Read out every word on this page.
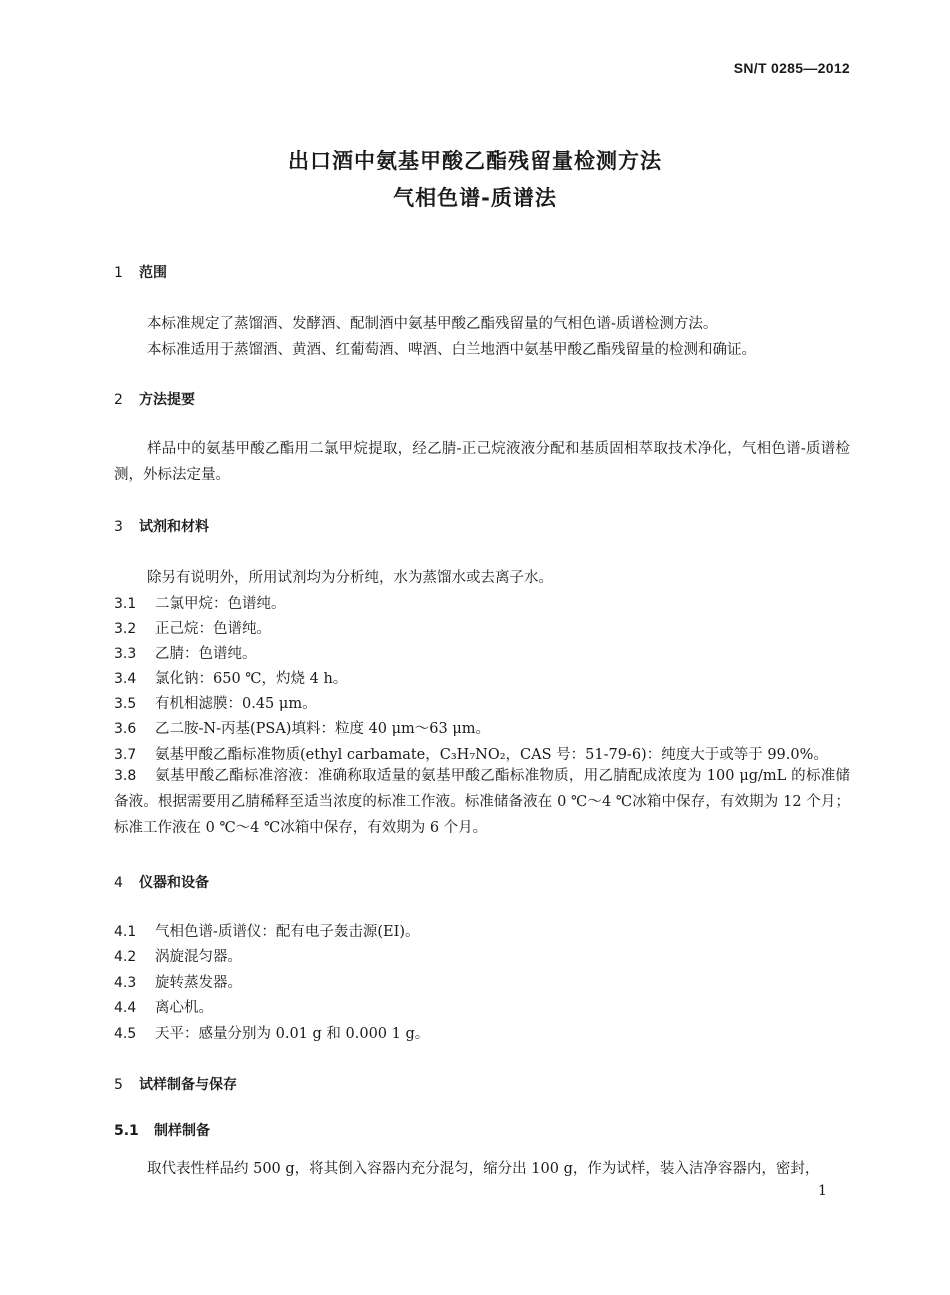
SN/T 0285—2012
出口酒中氨基甲酸乙酯残留量检测方法
气相色谱-质谱法
1 范围
本标准规定了蒸馏酒、发酵酒、配制酒中氨基甲酸乙酯残留量的气相色谱-质谱检测方法。
本标准适用于蒸馏酒、黄酒、红葡萄酒、啤酒、白兰地酒中氨基甲酸乙酯残留量的检测和确证。
2 方法提要
样品中的氨基甲酸乙酯用二氯甲烷提取，经乙腈-正己烷液液分配和基质固相萃取技术净化，气相色谱-质谱检测，外标法定量。
3 试剂和材料
除另有说明外，所用试剂均为分析纯，水为蒸馏水或去离子水。
3.1 二氯甲烷：色谱纯。
3.2 正己烷：色谱纯。
3.3 乙腈：色谱纯。
3.4 氯化钠：650 ℃，灼烧 4 h。
3.5 有机相滤膜：0.45 μm。
3.6 乙二胺-N-丙基(PSA)填料：粒度 40 μm～63 μm。
3.7 氨基甲酸乙酯标准物质(ethyl carbamate，C₃H₇NO₂，CAS 号：51-79-6)：纯度大于或等于 99.0%。
3.8 氨基甲酸乙酯标准溶液：准确称取适量的氨基甲酸乙酯标准物质，用乙腈配成浓度为 100 μg/mL 的标准储备液。根据需要用乙腈稀释至适当浓度的标准工作液。标准储备液在 0 ℃～4 ℃冰箱中保存，有效期为 12 个月；标准工作液在 0 ℃～4 ℃冰箱中保存，有效期为 6 个月。
4 仪器和设备
4.1 气相色谱-质谱仪：配有电子轰击源(EI)。
4.2 涡旋混匀器。
4.3 旋转蒸发器。
4.4 离心机。
4.5 天平：感量分别为 0.01 g 和 0.000 1 g。
5 试样制备与保存
5.1 制样制备
取代表性样品约 500 g，将其倒入容器内充分混匀，缩分出 100 g，作为试样，装入洁净容器内，密封，
1
